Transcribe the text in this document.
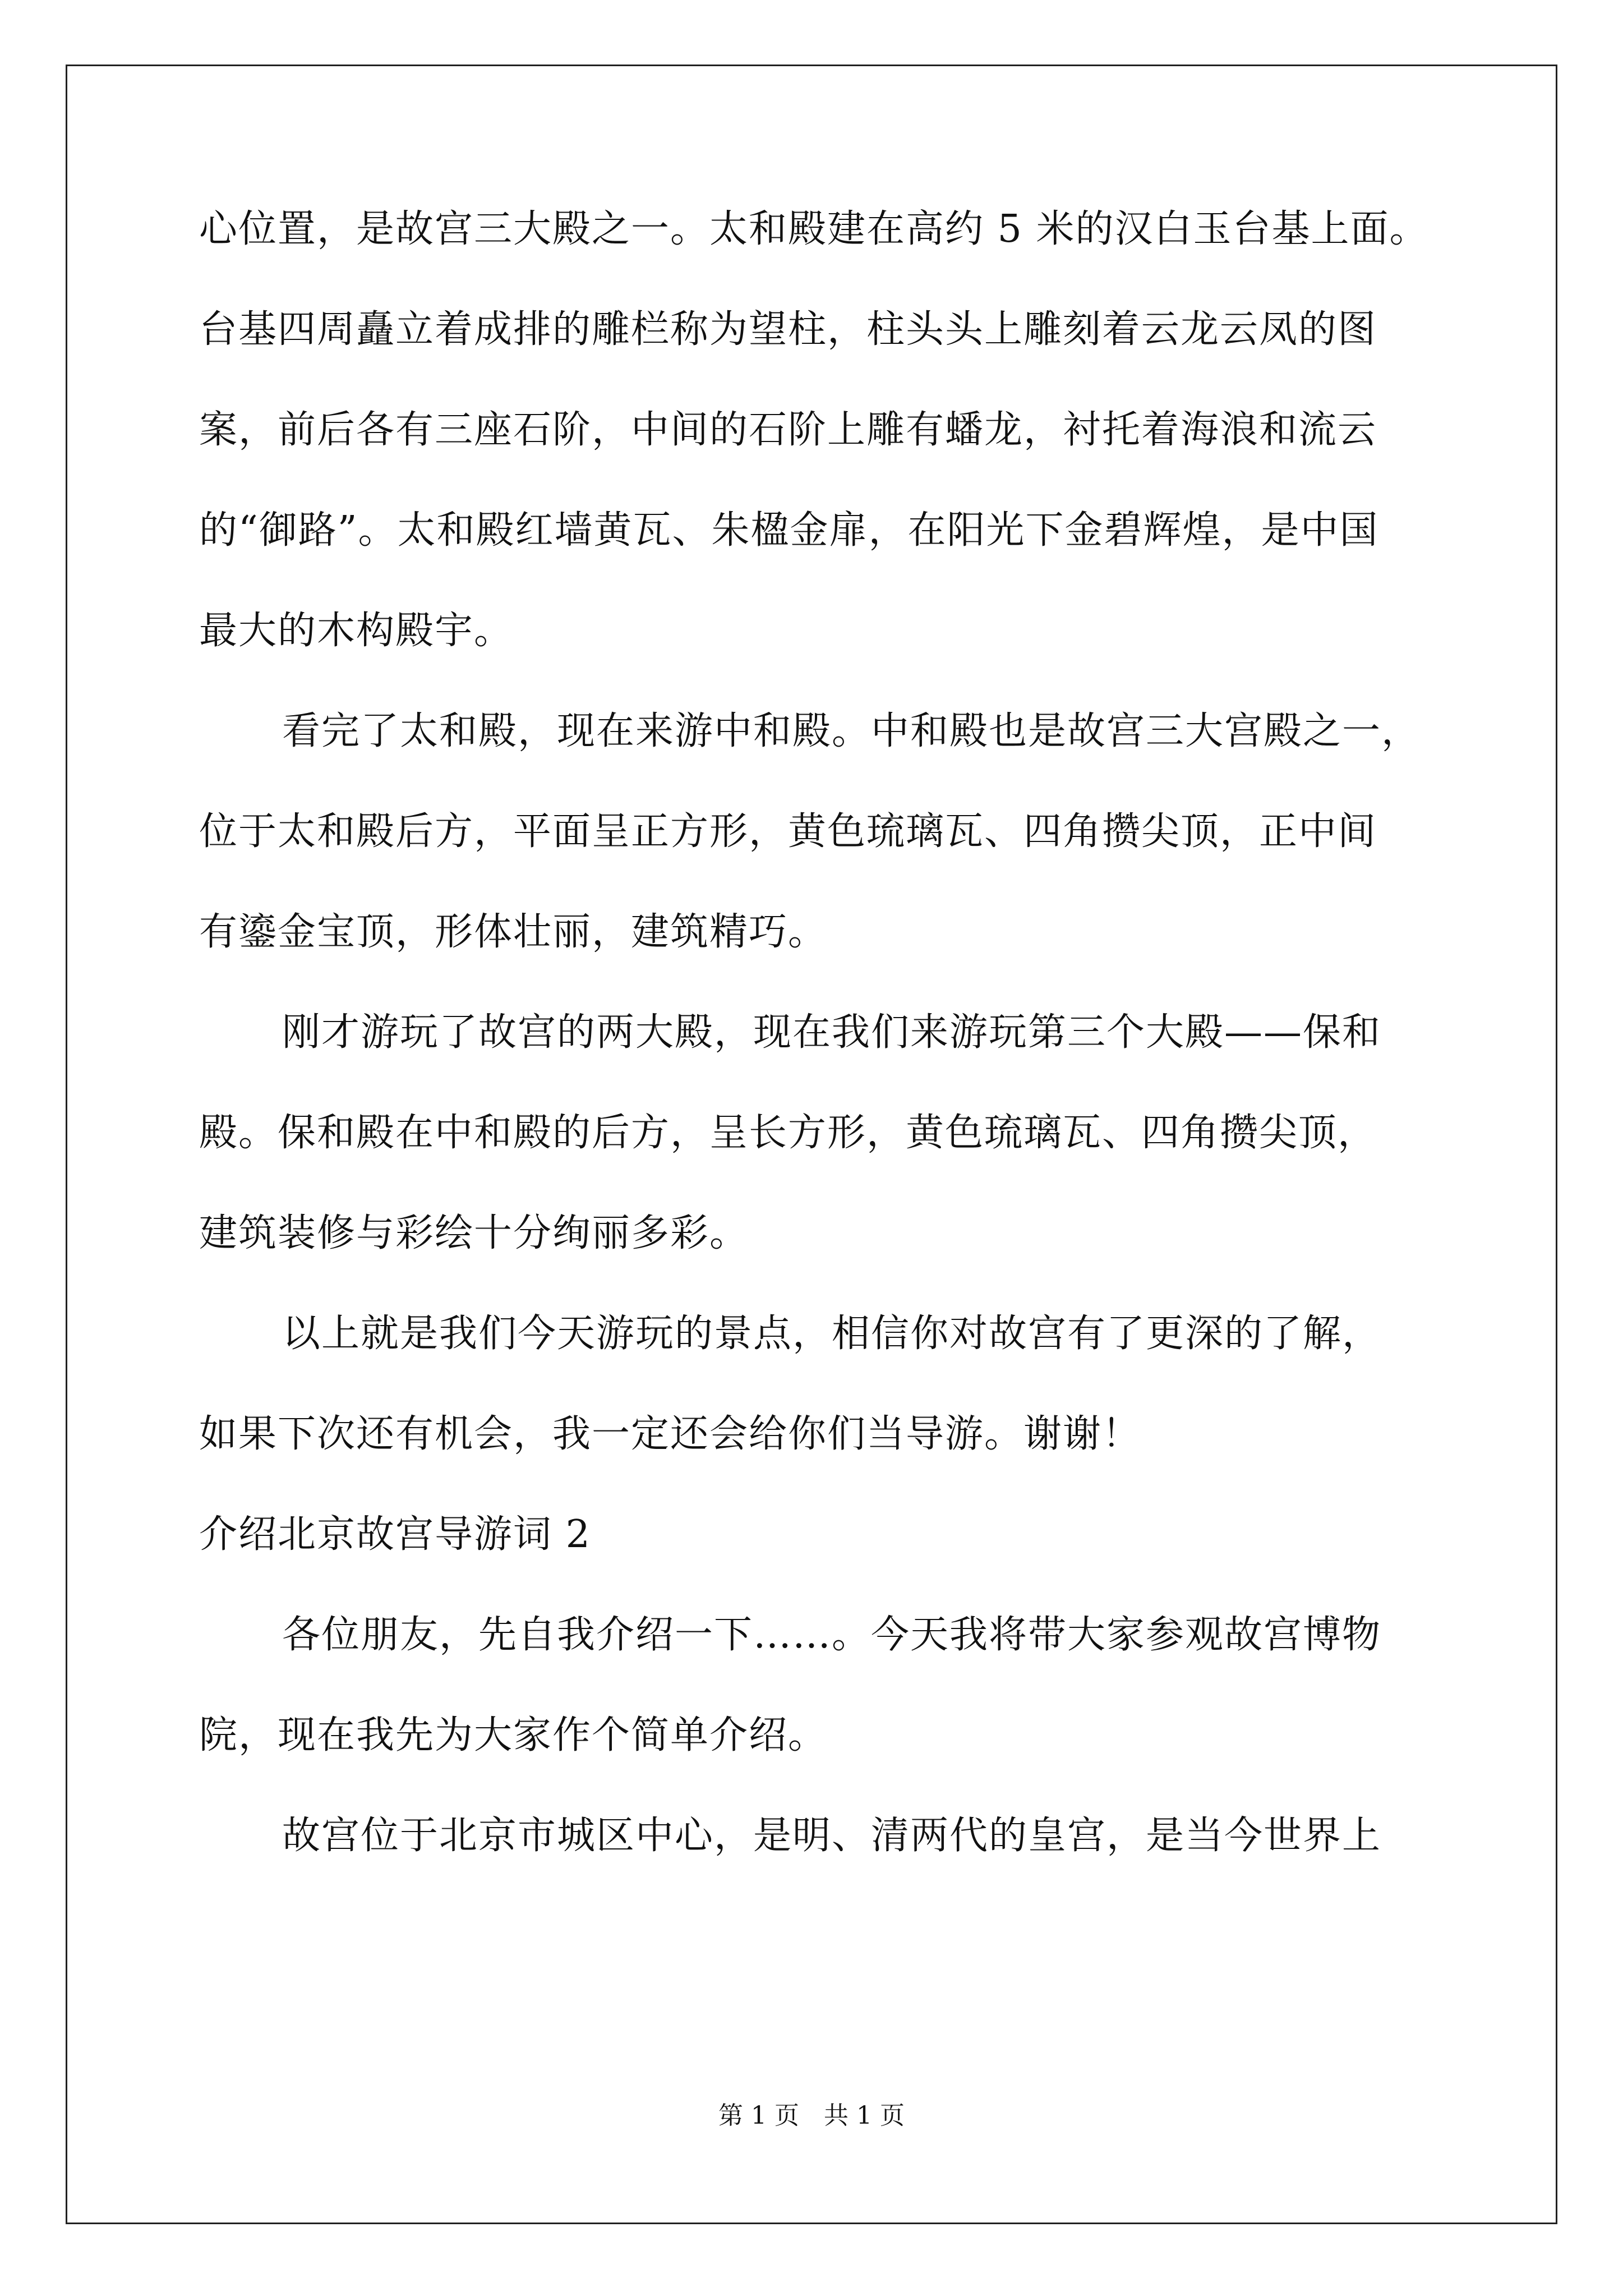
心位置，是故宫三大殿之一。太和殿建在高约 5 米的汉白玉台基上面。
台基四周矗立着成排的雕栏称为望柱，柱头头上雕刻着云龙云凤的图
案，前后各有三座石阶，中间的石阶上雕有蟠龙，衬托着海浪和流云
的“御路”。太和殿红墙黄瓦、朱楹金扉，在阳光下金碧辉煌，是中国
最大的木构殿宇。
看完了太和殿，现在来游中和殿。中和殿也是故宫三大宫殿之一，
位于太和殿后方，平面呈正方形，黄色琉璃瓦、四角攒尖顶，正中间
有鎏金宝顶，形体壮丽，建筑精巧。
刚才游玩了故宫的两大殿，现在我们来游玩第三个大殿——保和
殿。保和殿在中和殿的后方，呈长方形，黄色琉璃瓦、四角攒尖顶，
建筑装修与彩绘十分绚丽多彩。
以上就是我们今天游玩的景点，相信你对故宫有了更深的了解，
如果下次还有机会，我一定还会给你们当导游。谢谢！
介绍北京故宫导游词 2
各位朋友，先自我介绍一下……。今天我将带大家参观故宫博物
院，现在我先为大家作个简单介绍。
故宫位于北京市城区中心，是明、清两代的皇宫，是当今世界上
第 1 页　共 1 页
